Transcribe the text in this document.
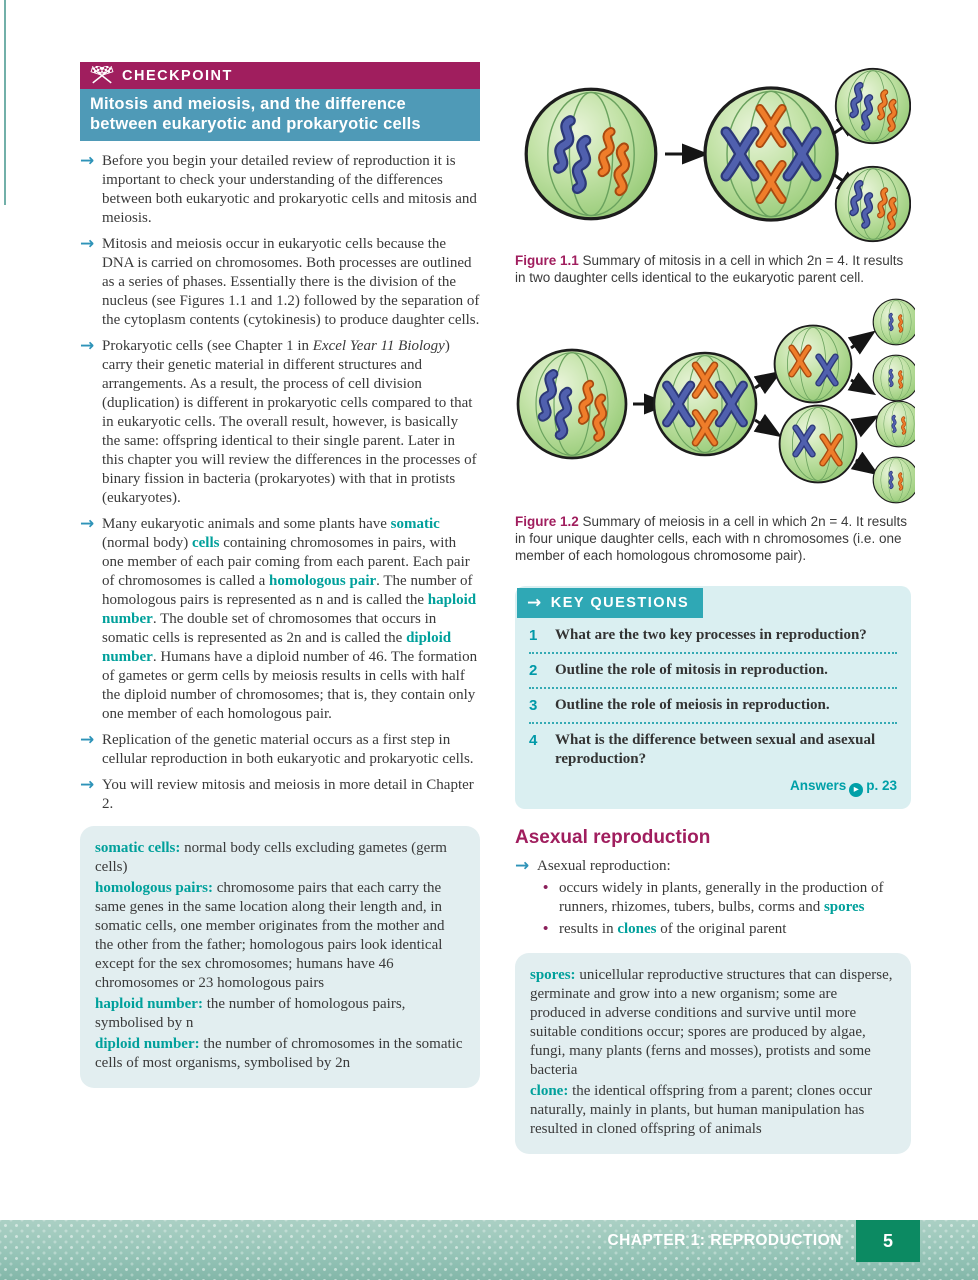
CHECKPOINT
Mitosis and meiosis, and the difference
between eukaryotic and prokaryotic cells
→ Before you begin your detailed review of reproduction it is important to check your understanding of the differences between both eukaryotic and prokaryotic cells and mitosis and meiosis.
→ Mitosis and meiosis occur in eukaryotic cells because the DNA is carried on chromosomes. Both processes are outlined as a series of phases. Essentially there is the division of the nucleus (see Figures 1.1 and 1.2) followed by the separation of the cytoplasm contents (cytokinesis) to produce daughter cells.
→ Prokaryotic cells (see Chapter 1 in Excel Year 11 Biology) carry their genetic material in different structures and arrangements. As a result, the process of cell division (duplication) is different in prokaryotic cells compared to that in eukaryotic cells. The overall result, however, is basically the same: offspring identical to their single parent. Later in this chapter you will review the differences in the processes of binary fission in bacteria (prokaryotes) with that in protists (eukaryotes).
→ Many eukaryotic animals and some plants have somatic (normal body) cells containing chromosomes in pairs, with one member of each pair coming from each parent. Each pair of chromosomes is called a homologous pair. The number of homologous pairs is represented as n and is called the haploid number. The double set of chromosomes that occurs in somatic cells is represented as 2n and is called the diploid number. Humans have a diploid number of 46. The formation of gametes or germ cells by meiosis results in cells with half the diploid number of chromosomes; that is, they contain only one member of each homologous pair.
→ Replication of the genetic material occurs as a first step in cellular reproduction in both eukaryotic and prokaryotic cells.
→ You will review mitosis and meiosis in more detail in Chapter 2.

somatic cells: normal body cells excluding gametes (germ cells)

homologous pairs: chromosome pairs that each carry the same genes in the same location along their length and, in somatic cells, one member originates from the mother and the other from the father; homologous pairs look identical except for the sex chromosomes; humans have 46 chromosomes or 23 homologous pairs

haploid number: the number of homologous pairs, symbolised by n

diploid number: the number of chromosomes in the somatic cells of most organisms, symbolised by 2n

Figure 1.1 Summary of mitosis in a cell in which 2n = 4. It results in two daughter cells identical to the eukaryotic parent cell.

Figure 1.2 Summary of meiosis in a cell in which 2n = 4. It results in four unique daughter cells, each with n chromosomes (i.e. one member of each homologous chromosome pair).

→ KEY QUESTIONS
1	What are the two key processes in reproduction?
2	Outline the role of mitosis in reproduction.
3	Outline the role of meiosis in reproduction.
4	What is the difference between sexual and asexual reproduction?
Answers ▸ p. 23
Asexual reproduction
→ Asexual reproduction:
• occurs widely in plants, generally in the production of runners, rhizomes, tubers, bulbs, corms and spores
• results in clones of the original parent

spores: unicellular reproductive structures that can disperse, germinate and grow into a new organism; some are produced in adverse conditions and survive until more suitable conditions occur; spores are produced by algae, fungi, many plants (ferns and mosses), protists and some bacteria

clone: the identical offspring from a parent; clones occur naturally, mainly in plants, but human manipulation has resulted in cloned offspring of animals

CHAPTER 1: REPRODUCTION	5
